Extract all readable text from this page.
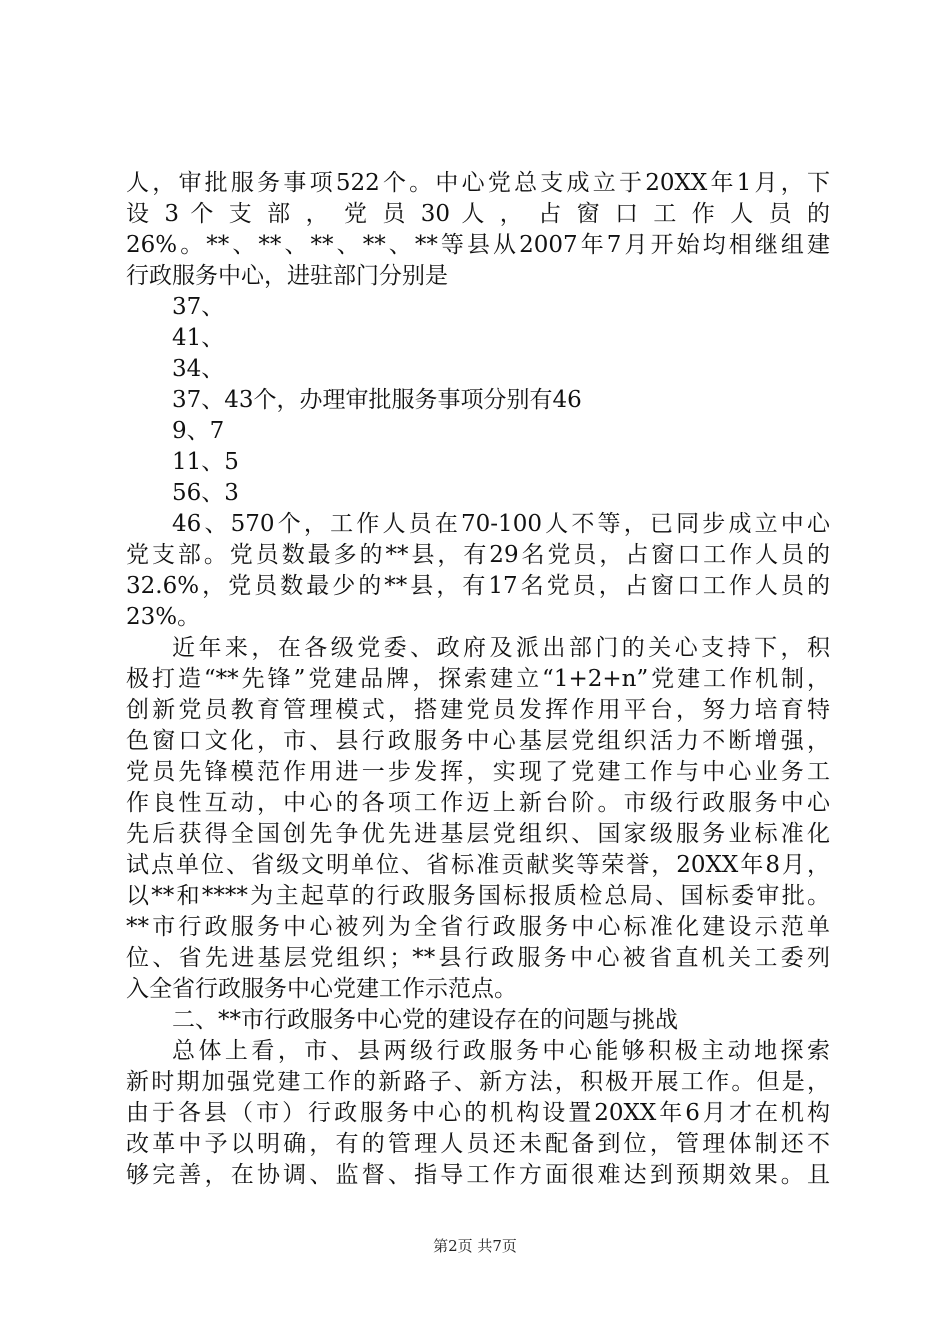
人，审批服务事项522个。中心党总支成立于20XX年1月，下
设 3 个 支 部 ， 党 员 30 人 ， 占 窗 口 工 作 人 员 的
26%。**、**、**、**、**等县从2007年7月开始均相继组建
行政服务中心，进驻部门分别是
37、
41、
34、
37、43个，办理审批服务事项分别有46
9、7
11、5
56、3
46、570个，工作人员在70-100人不等，已同步成立中心
党支部。党员数最多的**县，有29名党员，占窗口工作人员的
32.6%，党员数最少的**县，有17名党员，占窗口工作人员的
23%。
近年来，在各级党委、政府及派出部门的关心支持下，积
极打造“**先锋”党建品牌，探索建立“1+2+n”党建工作机制，
创新党员教育管理模式，搭建党员发挥作用平台，努力培育特
色窗口文化，市、县行政服务中心基层党组织活力不断增强，
党员先锋模范作用进一步发挥，实现了党建工作与中心业务工
作良性互动，中心的各项工作迈上新台阶。市级行政服务中心
先后获得全国创先争优先进基层党组织、国家级服务业标准化
试点单位、省级文明单位、省标准贡献奖等荣誉，20XX年8月，
以**和****为主起草的行政服务国标报质检总局、国标委审批。
**市行政服务中心被列为全省行政服务中心标准化建设示范单
位、省先进基层党组织；**县行政服务中心被省直机关工委列
入全省行政服务中心党建工作示范点。
二、**市行政服务中心党的建设存在的问题与挑战
总体上看，市、县两级行政服务中心能够积极主动地探索
新时期加强党建工作的新路子、新方法，积极开展工作。但是，
由于各县（市）行政服务中心的机构设置20XX年6月才在机构
改革中予以明确，有的管理人员还未配备到位，管理体制还不
够完善，在协调、监督、指导工作方面很难达到预期效果。且
第2页 共7页
